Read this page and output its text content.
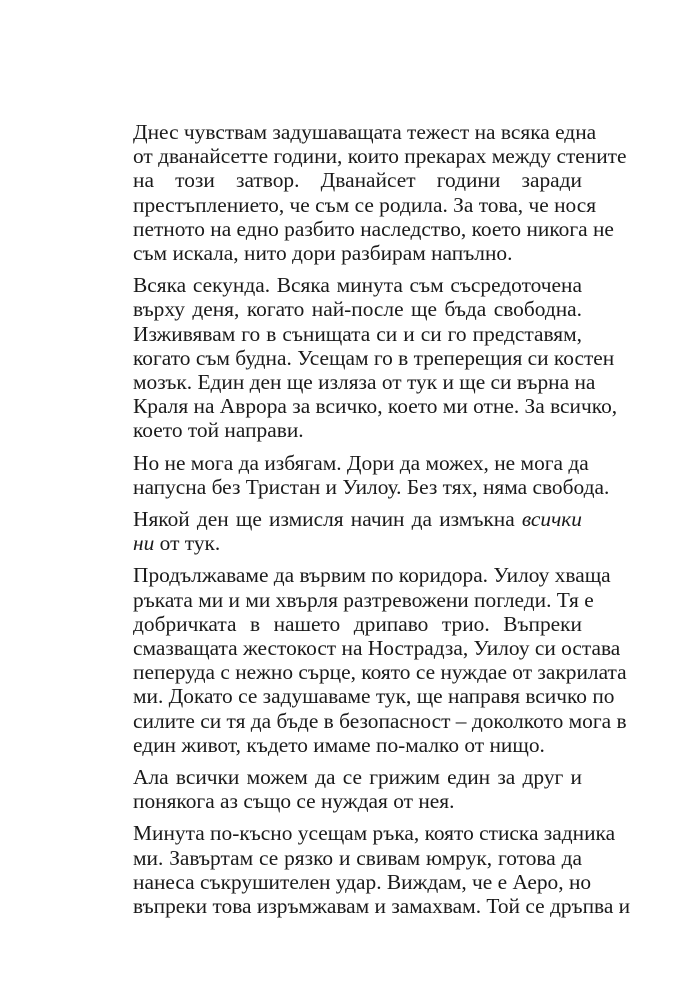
Днес чувствам задушаващата тежест на всяка една
от дванайсетте години, които прекарах между стените
на този затвор. Дванайсет години заради
престъплението, че съм се родила. За това, че нося
петното на едно разбито наследство, което никога не
съм искала, нито дори разбирам напълно.
Всяка секунда. Всяка минута съм съсредоточена
върху деня, когато най-после ще бъда свободна.
Изживявам го в сънищата си и си го представям,
когато съм будна. Усещам го в треперещия си костен
мозък. Един ден ще изляза от тук и ще си върна на
Краля на Аврора за всичко, което ми отне. За всичко,
което той направи.
Но не мога да избягам. Дори да можех, не мога да
напусна без Тристан и Уилоу. Без тях, няма свобода.
Някой ден ще измисля начин да измъкна всички
ни от тук.
Продължаваме да вървим по коридора. Уилоу хваща
ръката ми и ми хвърля разтревожени погледи. Тя е
добричката в нашето дрипаво трио. Въпреки
смазващата жестокост на Нострадза, Уилоу си остава
пеперуда с нежно сърце, която се нуждае от закрилата
ми. Докато се задушаваме тук, ще направя всичко по
силите си тя да бъде в безопасност – доколкото мога в
един живот, където имаме по-малко от нищо.
Ала всички можем да се грижим един за друг и
понякога аз също се нуждая от нея.
Минута по-късно усещам ръка, която стиска задника
ми. Завъртам се рязко и свивам юмрук, готова да
нанеса съкрушителен удар. Виждам, че е Аеро, но
въпреки това изръмжавам и замахвам. Той се дръпва и
